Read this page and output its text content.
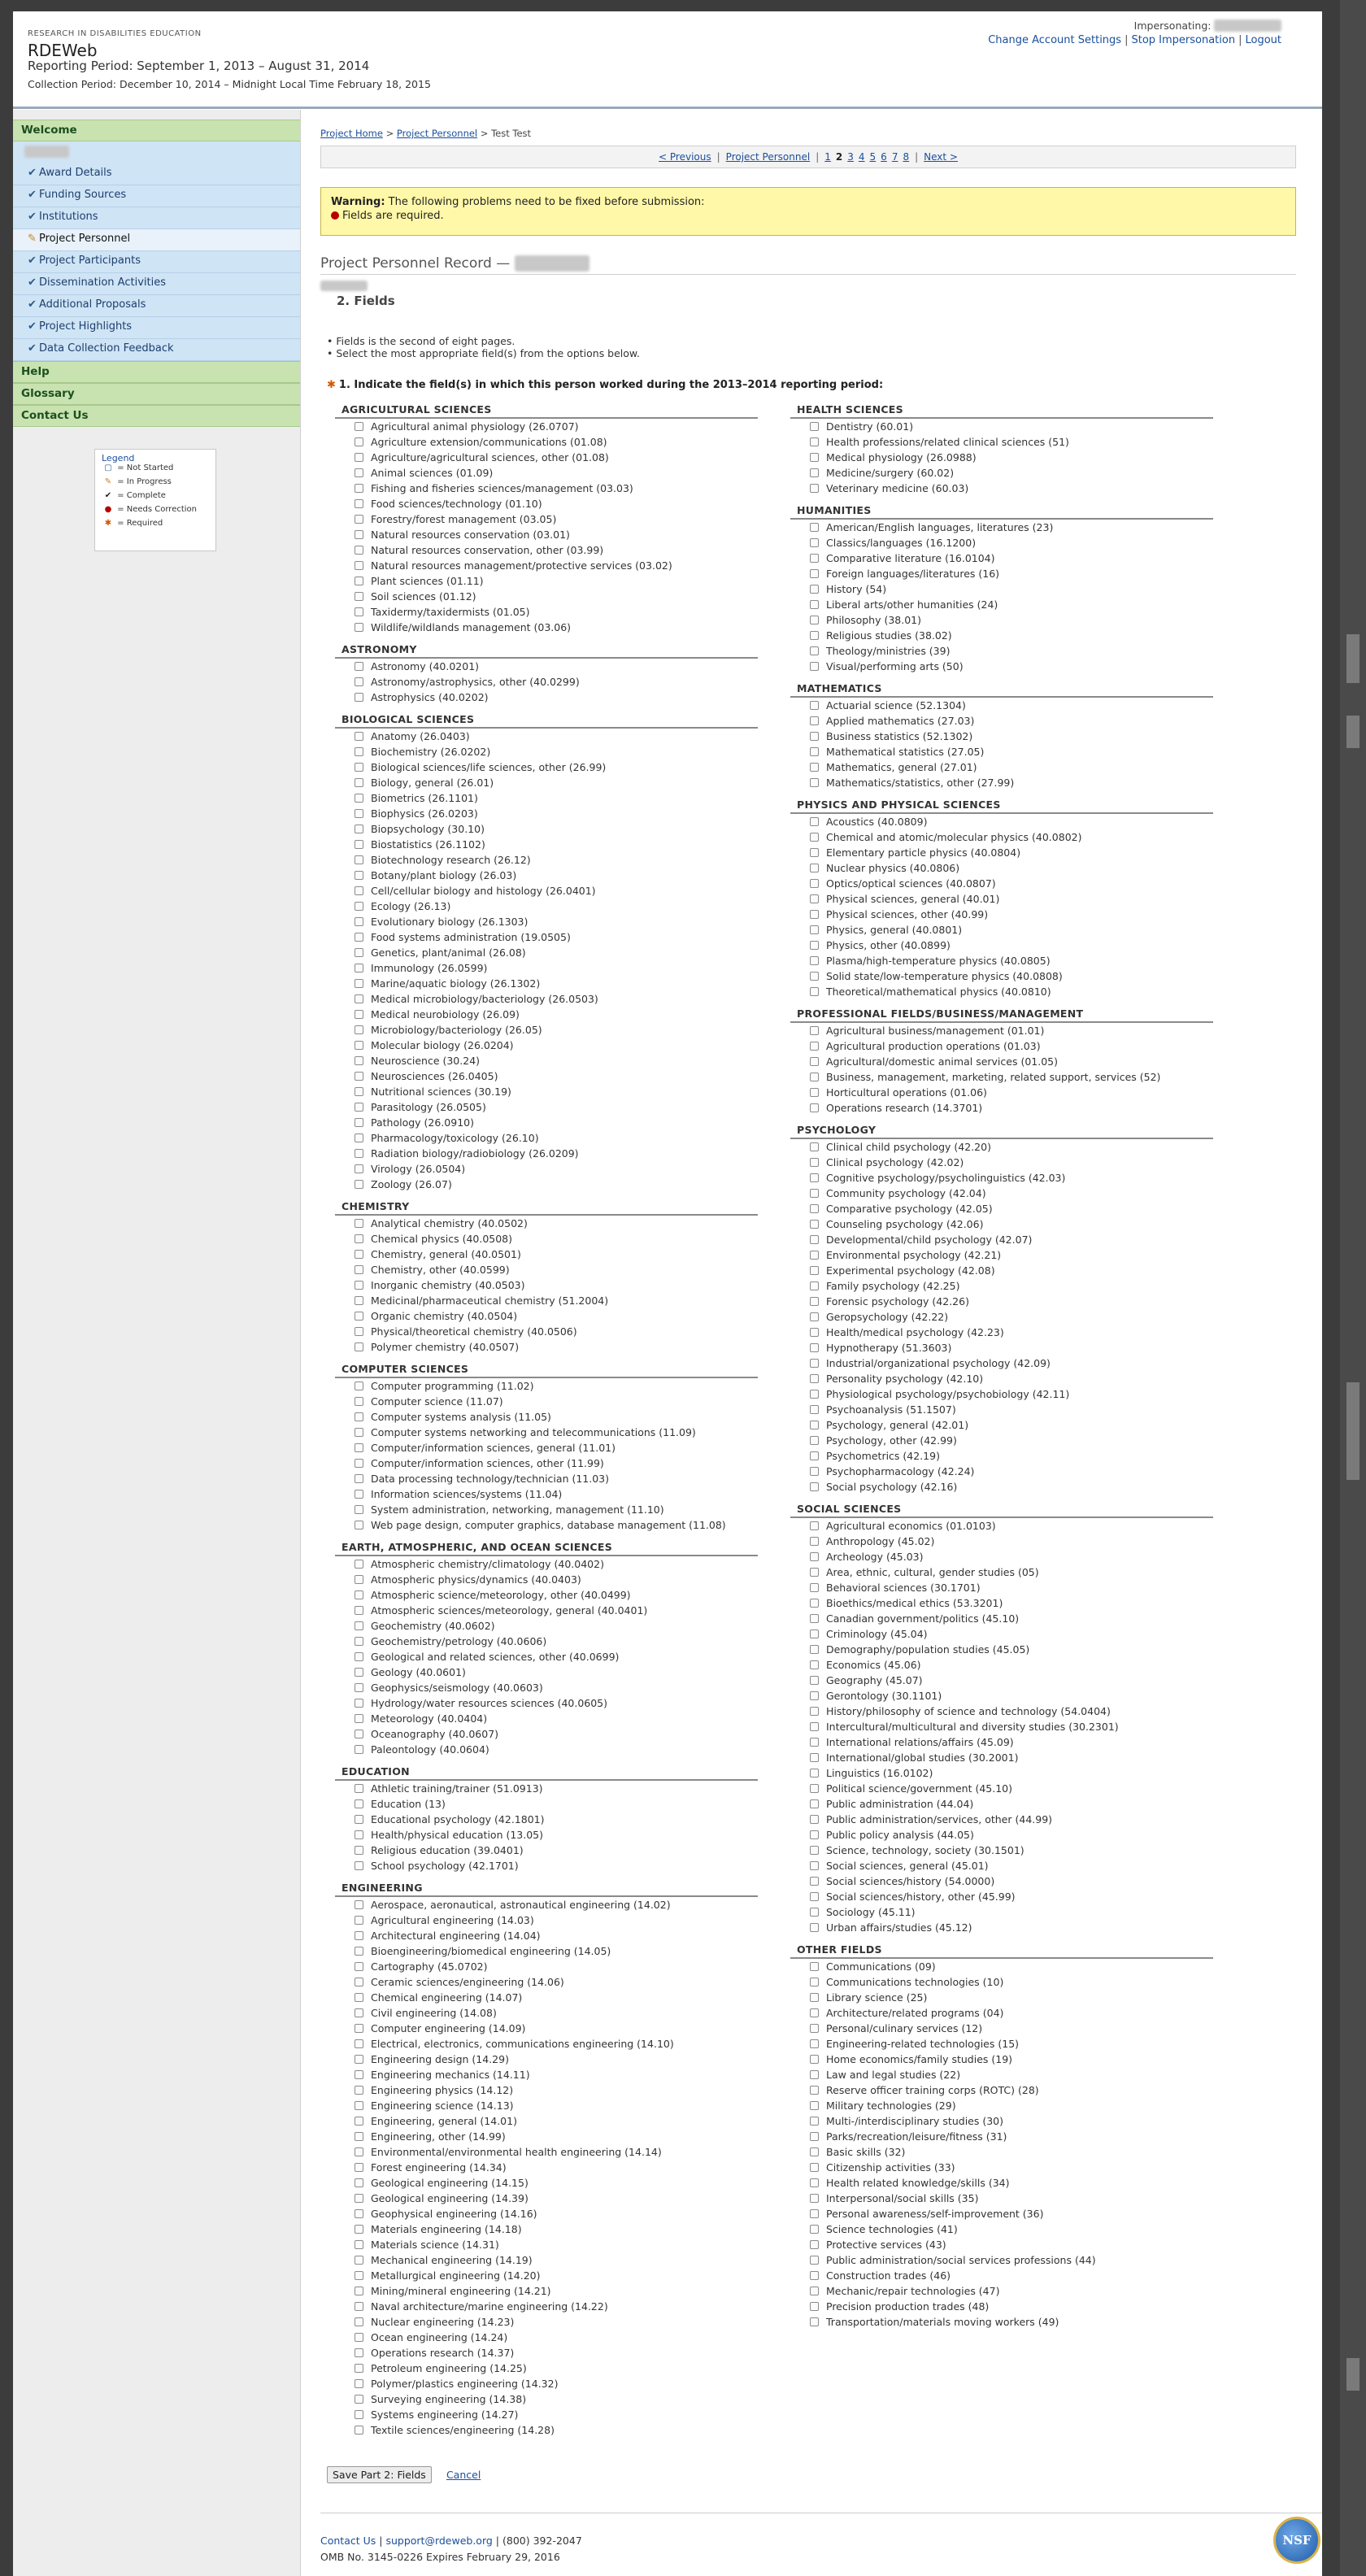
RESEARCH IN DISABILITIES EDUCATION
RDEWeb
Reporting Period: September 1, 2013 – August 31, 2014
Collection Period: December 10, 2014 – Midnight Local Time February 18, 2015
Impersonating:
Change Account Settings | Stop Impersonation | Logout
Welcome
✔ Award Details
✔ Funding Sources
✔ Institutions
✎ Project Personnel
✔ Project Participants
✔ Dissemination Activities
✔ Additional Proposals
✔ Project Highlights
✔ Data Collection Feedback
Help
Glossary
Contact Us
Legend
▢ = Not Started
✎ = In Progress
✔ = Complete
● = Needs Correction
✱ = Required
Project Home > Project Personnel > Test Test
< Previous | Project Personnel | 1 2 3 4 5 6 7 8 | Next >
Warning: The following problems need to be fixed before submission:
Fields are required.
Project Personnel Record —
2. Fields
• Fields is the second of eight pages.
• Select the most appropriate field(s) from the options below.
✱ 1. Indicate the field(s) in which this person worked during the 2013–2014 reporting period:
AGRICULTURAL SCIENCES
Agricultural animal physiology (26.0707)
Agriculture extension/communications (01.08)
Agriculture/agricultural sciences, other (01.08)
Animal sciences (01.09)
Fishing and fisheries sciences/management (03.03)
Food sciences/technology (01.10)
Forestry/forest management (03.05)
Natural resources conservation (03.01)
Natural resources conservation, other (03.99)
Natural resources management/protective services (03.02)
Plant sciences (01.11)
Soil sciences (01.12)
Taxidermy/taxidermists (01.05)
Wildlife/wildlands management (03.06)
ASTRONOMY
Astronomy (40.0201)
Astronomy/astrophysics, other (40.0299)
Astrophysics (40.0202)
BIOLOGICAL SCIENCES
Anatomy (26.0403)
Biochemistry (26.0202)
Biological sciences/life sciences, other (26.99)
Biology, general (26.01)
Biometrics (26.1101)
Biophysics (26.0203)
Biopsychology (30.10)
Biostatistics (26.1102)
Biotechnology research (26.12)
Botany/plant biology (26.03)
Cell/cellular biology and histology (26.0401)
Ecology (26.13)
Evolutionary biology (26.1303)
Food systems administration (19.0505)
Genetics, plant/animal (26.08)
Immunology (26.0599)
Marine/aquatic biology (26.1302)
Medical microbiology/bacteriology (26.0503)
Medical neurobiology (26.09)
Microbiology/bacteriology (26.05)
Molecular biology (26.0204)
Neuroscience (30.24)
Neurosciences (26.0405)
Nutritional sciences (30.19)
Parasitology (26.0505)
Pathology (26.0910)
Pharmacology/toxicology (26.10)
Radiation biology/radiobiology (26.0209)
Virology (26.0504)
Zoology (26.07)
CHEMISTRY
Analytical chemistry (40.0502)
Chemical physics (40.0508)
Chemistry, general (40.0501)
Chemistry, other (40.0599)
Inorganic chemistry (40.0503)
Medicinal/pharmaceutical chemistry (51.2004)
Organic chemistry (40.0504)
Physical/theoretical chemistry (40.0506)
Polymer chemistry (40.0507)
COMPUTER SCIENCES
Computer programming (11.02)
Computer science (11.07)
Computer systems analysis (11.05)
Computer systems networking and telecommunications (11.09)
Computer/information sciences, general (11.01)
Computer/information sciences, other (11.99)
Data processing technology/technician (11.03)
Information sciences/systems (11.04)
System administration, networking, management (11.10)
Web page design, computer graphics, database management (11.08)
EARTH, ATMOSPHERIC, AND OCEAN SCIENCES
Atmospheric chemistry/climatology (40.0402)
Atmospheric physics/dynamics (40.0403)
Atmospheric science/meteorology, other (40.0499)
Atmospheric sciences/meteorology, general (40.0401)
Geochemistry (40.0602)
Geochemistry/petrology (40.0606)
Geological and related sciences, other (40.0699)
Geology (40.0601)
Geophysics/seismology (40.0603)
Hydrology/water resources sciences (40.0605)
Meteorology (40.0404)
Oceanography (40.0607)
Paleontology (40.0604)
EDUCATION
Athletic training/trainer (51.0913)
Education (13)
Educational psychology (42.1801)
Health/physical education (13.05)
Religious education (39.0401)
School psychology (42.1701)
ENGINEERING
Aerospace, aeronautical, astronautical engineering (14.02)
Agricultural engineering (14.03)
Architectural engineering (14.04)
Bioengineering/biomedical engineering (14.05)
Cartography (45.0702)
Ceramic sciences/engineering (14.06)
Chemical engineering (14.07)
Civil engineering (14.08)
Computer engineering (14.09)
Electrical, electronics, communications engineering (14.10)
Engineering design (14.29)
Engineering mechanics (14.11)
Engineering physics (14.12)
Engineering science (14.13)
Engineering, general (14.01)
Engineering, other (14.99)
Environmental/environmental health engineering (14.14)
Forest engineering (14.34)
Geological engineering (14.15)
Geological engineering (14.39)
Geophysical engineering (14.16)
Materials engineering (14.18)
Materials science (14.31)
Mechanical engineering (14.19)
Metallurgical engineering (14.20)
Mining/mineral engineering (14.21)
Naval architecture/marine engineering (14.22)
Nuclear engineering (14.23)
Ocean engineering (14.24)
Operations research (14.37)
Petroleum engineering (14.25)
Polymer/plastics engineering (14.32)
Surveying engineering (14.38)
Systems engineering (14.27)
Textile sciences/engineering (14.28)
HEALTH SCIENCES
Dentistry (60.01)
Health professions/related clinical sciences (51)
Medical physiology (26.0988)
Medicine/surgery (60.02)
Veterinary medicine (60.03)
HUMANITIES
American/English languages, literatures (23)
Classics/languages (16.1200)
Comparative literature (16.0104)
Foreign languages/literatures (16)
History (54)
Liberal arts/other humanities (24)
Philosophy (38.01)
Religious studies (38.02)
Theology/ministries (39)
Visual/performing arts (50)
MATHEMATICS
Actuarial science (52.1304)
Applied mathematics (27.03)
Business statistics (52.1302)
Mathematical statistics (27.05)
Mathematics, general (27.01)
Mathematics/statistics, other (27.99)
PHYSICS AND PHYSICAL SCIENCES
Acoustics (40.0809)
Chemical and atomic/molecular physics (40.0802)
Elementary particle physics (40.0804)
Nuclear physics (40.0806)
Optics/optical sciences (40.0807)
Physical sciences, general (40.01)
Physical sciences, other (40.99)
Physics, general (40.0801)
Physics, other (40.0899)
Plasma/high-temperature physics (40.0805)
Solid state/low-temperature physics (40.0808)
Theoretical/mathematical physics (40.0810)
PROFESSIONAL FIELDS/BUSINESS/MANAGEMENT
Agricultural business/management (01.01)
Agricultural production operations (01.03)
Agricultural/domestic animal services (01.05)
Business, management, marketing, related support, services (52)
Horticultural operations (01.06)
Operations research (14.3701)
PSYCHOLOGY
Clinical child psychology (42.20)
Clinical psychology (42.02)
Cognitive psychology/psycholinguistics (42.03)
Community psychology (42.04)
Comparative psychology (42.05)
Counseling psychology (42.06)
Developmental/child psychology (42.07)
Environmental psychology (42.21)
Experimental psychology (42.08)
Family psychology (42.25)
Forensic psychology (42.26)
Geropsychology (42.22)
Health/medical psychology (42.23)
Hypnotherapy (51.3603)
Industrial/organizational psychology (42.09)
Personality psychology (42.10)
Physiological psychology/psychobiology (42.11)
Psychoanalysis (51.1507)
Psychology, general (42.01)
Psychology, other (42.99)
Psychometrics (42.19)
Psychopharmacology (42.24)
Social psychology (42.16)
SOCIAL SCIENCES
Agricultural economics (01.0103)
Anthropology (45.02)
Archeology (45.03)
Area, ethnic, cultural, gender studies (05)
Behavioral sciences (30.1701)
Bioethics/medical ethics (53.3201)
Canadian government/politics (45.10)
Criminology (45.04)
Demography/population studies (45.05)
Economics (45.06)
Geography (45.07)
Gerontology (30.1101)
History/philosophy of science and technology (54.0404)
Intercultural/multicultural and diversity studies (30.2301)
International relations/affairs (45.09)
International/global studies (30.2001)
Linguistics (16.0102)
Political science/government (45.10)
Public administration (44.04)
Public administration/services, other (44.99)
Public policy analysis (44.05)
Science, technology, society (30.1501)
Social sciences, general (45.01)
Social sciences/history (54.0000)
Social sciences/history, other (45.99)
Sociology (45.11)
Urban affairs/studies (45.12)
OTHER FIELDS
Communications (09)
Communications technologies (10)
Library science (25)
Architecture/related programs (04)
Personal/culinary services (12)
Engineering-related technologies (15)
Home economics/family studies (19)
Law and legal studies (22)
Reserve officer training corps (ROTC) (28)
Military technologies (29)
Multi-/interdisciplinary studies (30)
Parks/recreation/leisure/fitness (31)
Basic skills (32)
Citizenship activities (33)
Health related knowledge/skills (34)
Interpersonal/social skills (35)
Personal awareness/self-improvement (36)
Science technologies (41)
Protective services (43)
Public administration/social services professions (44)
Construction trades (46)
Mechanic/repair technologies (47)
Precision production trades (48)
Transportation/materials moving workers (49)
Save Part 2: Fields Cancel
Contact Us | support@rdeweb.org | (800) 392-2047
OMB No. 3145-0226 Expires February 29, 2016
NSF
